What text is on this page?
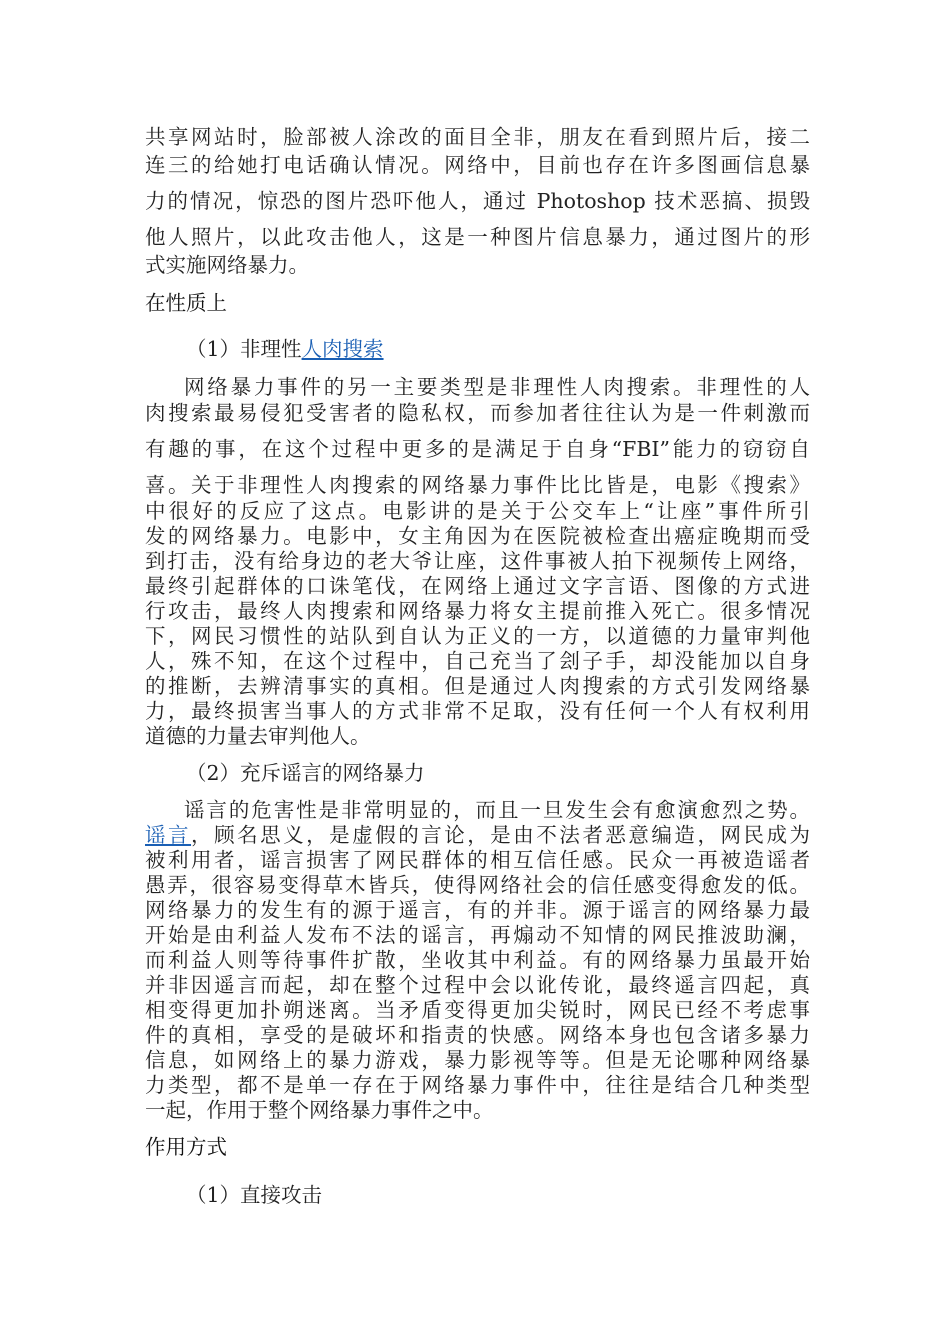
共享网站时，脸部被人涂改的面目全非，朋友在看到照片后，接二
连三的给她打电话确认情况。网络中，目前也存在许多图画信息暴
力的情况，惊恐的图片恐吓他人，通过 Photoshop 技术恶搞、损毁
他人照片，以此攻击他人，这是一种图片信息暴力，通过图片的形
式实施网络暴力。
在性质上
（1）非理性人肉搜索
网络暴力事件的另一主要类型是非理性人肉搜索。非理性的人
肉搜索最易侵犯受害者的隐私权，而参加者往往认为是一件刺激而
有趣的事，在这个过程中更多的是满足于自身“FBI”能力的窃窃自
喜。关于非理性人肉搜索的网络暴力事件比比皆是，电影《搜索》
中很好的反应了这点。电影讲的是关于公交车上“让座”事件所引
发的网络暴力。电影中，女主角因为在医院被检查出癌症晚期而受
到打击，没有给身边的老大爷让座，这件事被人拍下视频传上网络，
最终引起群体的口诛笔伐，在网络上通过文字言语、图像的方式进
行攻击，最终人肉搜索和网络暴力将女主提前推入死亡。很多情况
下，网民习惯性的站队到自认为正义的一方，以道德的力量审判他
人，殊不知，在这个过程中，自己充当了刽子手，却没能加以自身
的推断，去辨清事实的真相。但是通过人肉搜索的方式引发网络暴
力，最终损害当事人的方式非常不足取，没有任何一个人有权利用
道德的力量去审判他人。
（2）充斥谣言的网络暴力
谣言的危害性是非常明显的，而且一旦发生会有愈演愈烈之势。
谣言，顾名思义，是虚假的言论，是由不法者恶意编造，网民成为
被利用者，谣言损害了网民群体的相互信任感。民众一再被造谣者
愚弄，很容易变得草木皆兵，使得网络社会的信任感变得愈发的低。
网络暴力的发生有的源于遥言，有的并非。源于谣言的网络暴力最
开始是由利益人发布不法的谣言，再煽动不知情的网民推波助澜，
而利益人则等待事件扩散，坐收其中利益。有的网络暴力虽最开始
并非因遥言而起，却在整个过程中会以讹传讹，最终遥言四起，真
相变得更加扑朔迷离。当矛盾变得更加尖锐时，网民已经不考虑事
件的真相，享受的是破坏和指责的快感。网络本身也包含诸多暴力
信息，如网络上的暴力游戏，暴力影视等等。但是无论哪种网络暴
力类型，都不是单一存在于网络暴力事件中，往往是结合几种类型
一起，作用于整个网络暴力事件之中。
作用方式
（1）直接攻击
